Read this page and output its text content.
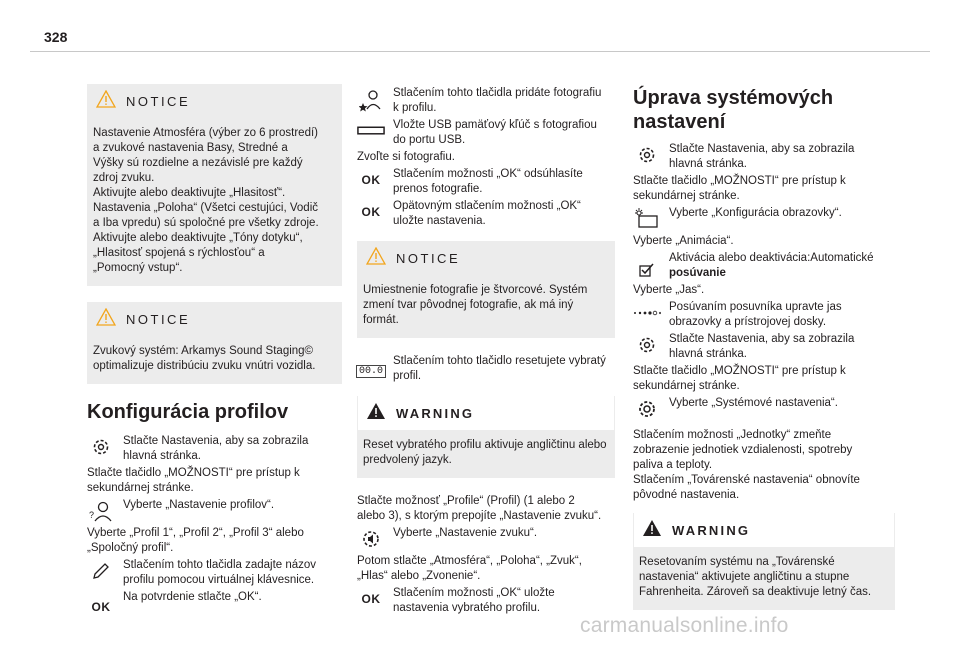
328
NOTICE
Nastavenie Atmosféra (výber zo 6 prostredí)
a zvukové nastavenia Basy, Stredné a
Výšky sú rozdielne a nezávislé pre každý
zdroj zvuku.
Aktivujte alebo deaktivujte „Hlasitosť“.
Nastavenia „Poloha“ (Všetci cestujúci, Vodič
a Iba vpredu) sú spoločné pre všetky zdroje.
Aktivujte alebo deaktivujte „Tóny dotyku“,
„Hlasitosť spojená s rýchlosťou“ a
„Pomocný vstup“.
NOTICE
Zvukový systém: Arkamys Sound Staging©
optimalizuje distribúciu zvuku vnútri vozidla.
Konfigurácia profilov
Stlačte Nastavenia, aby sa zobrazila
hlavná stránka.
Stlačte tlačidlo „MOŽNOSTI“ pre prístup k
sekundárnej stránke.
?
Vyberte „Nastavenie profilov“.
Vyberte „Profil 1“, „Profil 2“, „Profil 3“ alebo
„Spoločný profil“.
Stlačením tohto tlačidla zadajte názov
profilu pomocou virtuálnej klávesnice.
OK
Na potvrdenie stlačte „OK“.
Stlačením tohto tlačidla pridáte fotografiu
k profilu.
Vložte USB pamäťový kľúč s fotografiou
do portu USB.
Zvoľte si fotografiu.
OK	Stlačením možnosti „OK“ odsúhlasíte
prenos fotografie.
OK	Opätovným stlačením možnosti „OK“
uložte nastavenia.
NOTICE
Umiestnenie fotografie je štvorcové. Systém
zmení tvar pôvodnej fotografie, ak má iný
formát.
00.0
Stlačením tohto tlačidlo resetujete vybratý
profil.
WARNING
Reset vybratého profilu aktivuje angličtinu alebo
predvolený jazyk.
Stlačte možnosť „Profile“ (Profil) (1 alebo 2
alebo 3), s ktorým prepojíte „Nastavenie zvuku“.
Vyberte „Nastavenie zvuku“.
Potom stlačte „Atmosféra“, „Poloha“, „Zvuk“,
„Hlas“ alebo „Zvonenie“.
OK	Stlačením možnosti „OK“ uložte
nastavenia vybratého profilu.
Úprava systémových
nastavení
Stlačte Nastavenia, aby sa zobrazila
hlavná stránka.
Stlačte tlačidlo „MOŽNOSTI“ pre prístup k
sekundárnej stránke.
Vyberte „Konfigurácia obrazovky“.
Vyberte „Animácia“.
Aktivácia alebo deaktivácia:Automatické
posúvanie
Vyberte „Jas“.
Posúvaním posuvníka upravte jas
obrazovky a prístrojovej dosky.
Stlačte Nastavenia, aby sa zobrazila
hlavná stránka.
Stlačte tlačidlo „MOŽNOSTI“ pre prístup k
sekundárnej stránke.
Vyberte „Systémové nastavenia“.
Stlačením možnosti „Jednotky“ zmeňte
zobrazenie jednotiek vzdialenosti, spotreby
paliva a teploty.
Stlačením „Továrenské nastavenia“ obnovíte
pôvodné nastavenia.
WARNING
Resetovaním systému na „Továrenské
nastavenia“ aktivujete angličtinu a stupne
Fahrenheita. Zároveň sa deaktivuje letný čas.
carmanualsonline.info
